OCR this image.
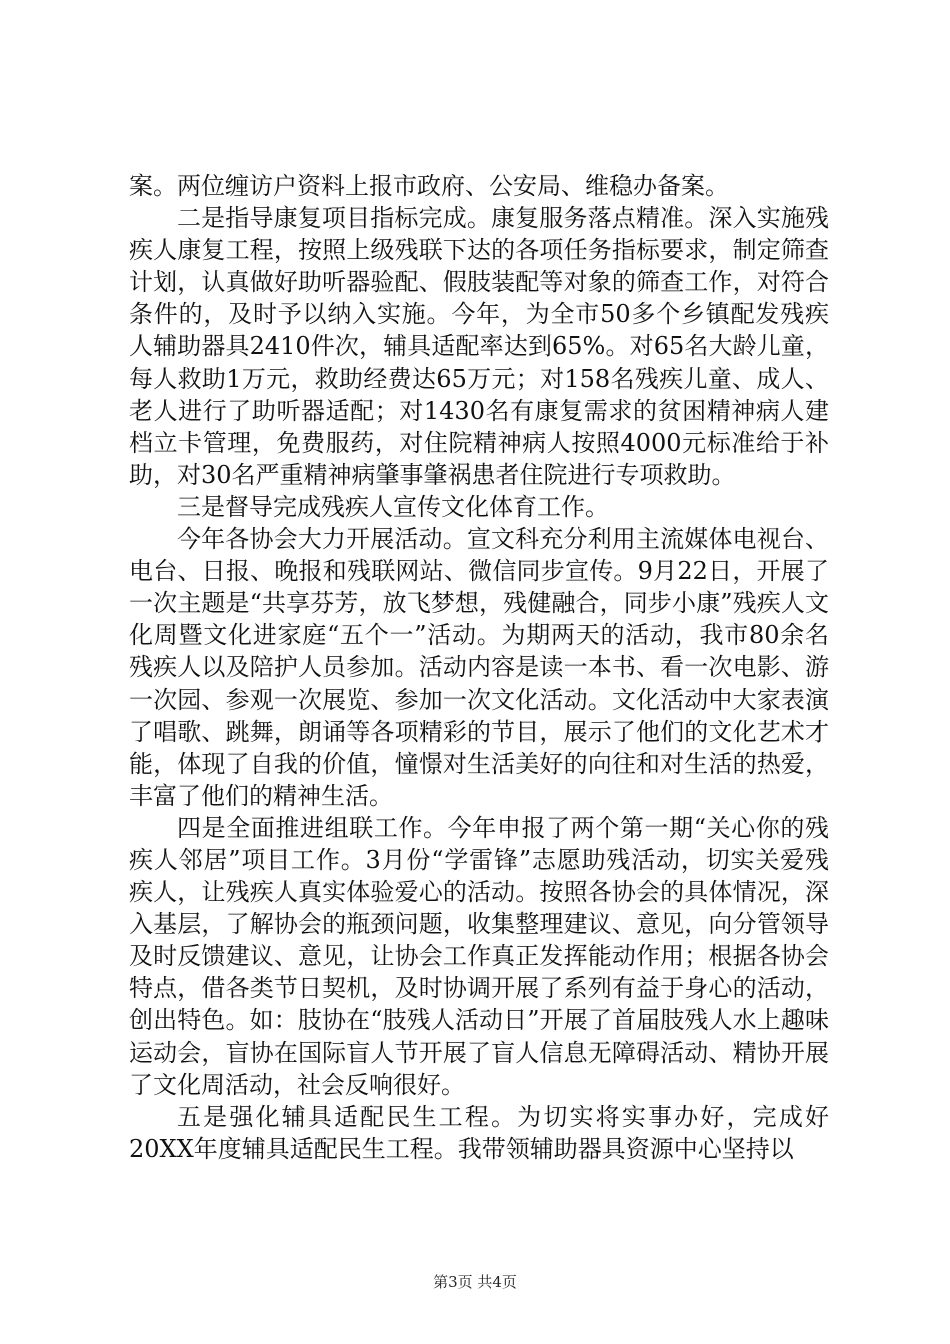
案。两位缠访户资料上报市政府、公安局、维稳办备案。

二是指导康复项目指标完成。康复服务落点精准。深入实施残疾人康复工程，按照上级残联下达的各项任务指标要求，制定筛查计划，认真做好助听器验配、假肢装配等对象的筛查工作，对符合条件的，及时予以纳入实施。今年，为全市50多个乡镇配发残疾人辅助器具2410件次，辅具适配率达到65%。对65名大龄儿童，每人救助1万元，救助经费达65万元；对158名残疾儿童、成人、老人进行了助听器适配；对1430名有康复需求的贫困精神病人建档立卡管理，免费服药，对住院精神病人按照4000元标准给于补助，对30名严重精神病肇事肇祸患者住院进行专项救助。

三是督导完成残疾人宣传文化体育工作。

今年各协会大力开展活动。宣文科充分利用主流媒体电视台、电台、日报、晚报和残联网站、微信同步宣传。9月22日，开展了一次主题是“共享芬芳，放飞梦想，残健融合，同步小康”残疾人文化周暨文化进家庭“五个一”活动。为期两天的活动，我市80余名残疾人以及陪护人员参加。活动内容是读一本书、看一次电影、游一次园、参观一次展览、参加一次文化活动。文化活动中大家表演了唱歌、跳舞，朗诵等各项精彩的节目，展示了他们的文化艺术才能，体现了自我的价值，憧憬对生活美好的向往和对生活的热爱，丰富了他们的精神生活。

四是全面推进组联工作。今年申报了两个第一期“关心你的残疾人邻居”项目工作。3月份“学雷锋”志愿助残活动，切实关爱残疾人，让残疾人真实体验爱心的活动。按照各协会的具体情况，深入基层，了解协会的瓶颈问题，收集整理建议、意见，向分管领导及时反馈建议、意见，让协会工作真正发挥能动作用；根据各协会特点，借各类节日契机，及时协调开展了系列有益于身心的活动，创出特色。如：肢协在“肢残人活动日”开展了首届肢残人水上趣味运动会，盲协在国际盲人节开展了盲人信息无障碍活动、精协开展了文化周活动，社会反响很好。

五是强化辅具适配民生工程。为切实将实事办好，完成好20XX年度辅具适配民生工程。我带领辅助器具资源中心坚持以

第3页 共4页
